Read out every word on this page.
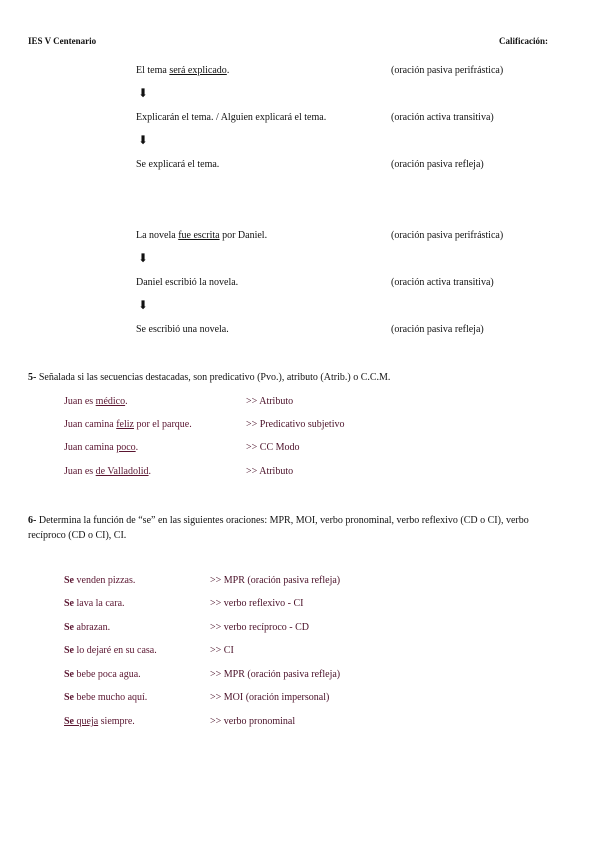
IES V Centenario	Calificación:
El tema será explicado.	(oración pasiva perifrástica)
⬇
Explicarán el tema. / Alguien explicará el tema.	(oración activa transitiva)
⬇
Se explicará el tema.	(oración pasiva refleja)
La novela fue escrita por Daniel.	(oración pasiva perifrástica)
⬇
Daniel escribió la novela.	(oración activa transitiva)
⬇
Se escribió una novela.	(oración pasiva refleja)
5- Señalada si las secuencias destacadas, son predicativo (Pvo.), atributo (Atrib.) o C.C.M.
Juan es médico.	>> Atributo
Juan camina feliz por el parque.	>> Predicativo subjetivo
Juan camina poco.	>> CC Modo
Juan es de Valladolid.	>> Atributo
6- Determina la función de “se” en las siguientes oraciones: MPR, MOI, verbo pronominal, verbo reflexivo (CD o CI), verbo recíproco (CD o CI), CI.
Se venden pizzas.	>> MPR (oración pasiva refleja)
Se lava la cara.	>> verbo reflexivo - CI
Se abrazan.	>> verbo recíproco - CD
Se lo dejaré en su casa.	>> CI
Se bebe poca agua.	>> MPR (oración pasiva refleja)
Se bebe mucho aquí.	>> MOI (oración impersonal)
Se queja siempre.	>> verbo pronominal
